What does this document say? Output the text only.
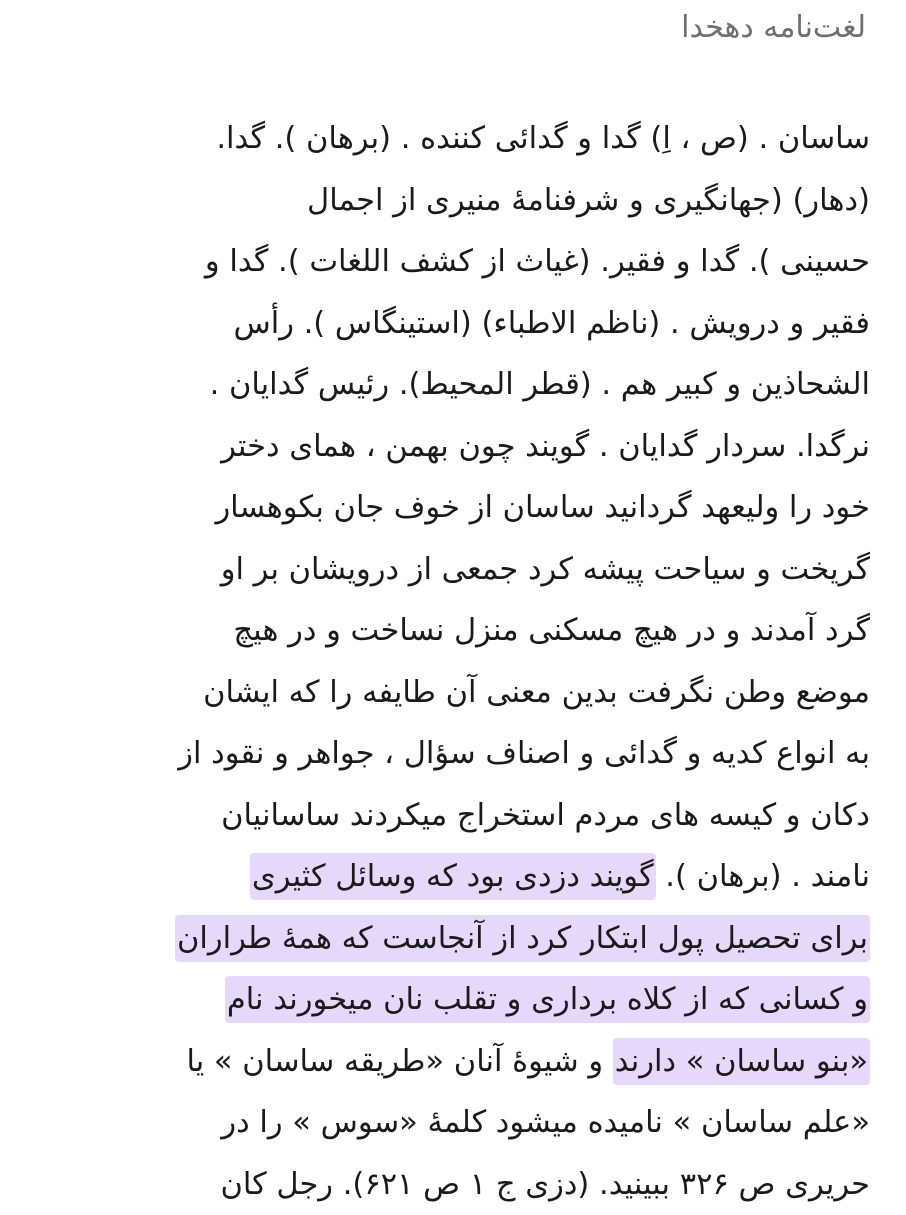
لغت‌نامه دهخدا
ساسان . (ص ، اِ) گدا و گدائی کننده . (برهان ). گدا.
(دهار) (جهانگیری و شرفنامهٔ منیری از اجمال
حسینی ). گدا و فقیر. (غیاث از کشف اللغات ). گدا و
فقیر و درویش . (ناظم الاطباء) (استینگاس ). رأس
الشحاذین و کبیر هم . (قطر المحیط). رئیس گدایان .
نرگدا. سردار گدایان . گویند چون بهمن ، همای دختر
خود را ولیعهد گردانید ساسان از خوف جان بکوهسار
گریخت و سیاحت پیشه کرد جمعی از درویشان بر او
گرد آمدند و در هیچ مسکنی منزل نساخت و در هیچ
موضع وطن نگرفت بدین معنی آن طایفه را که ایشان
به انواع کدیه و گدائی و اصناف سؤال ، جواهر و نقود از
دکان و کیسه های مردم استخراج میکردند ساسانیان
نامند . (برهان ). گویند دزدی بود که وسائل کثیری
برای تحصیل پول ابتکار کرد از آنجاست که همهٔ طراران
و کسانی که از کلاه برداری و تقلب نان میخورند نام
«بنو ساسان » دارند و شیوهٔ آنان «طریقه ساسان » یا
«علم ساسان » نامیده میشود کلمهٔ «سوس » را در
حریری ص ۳۲۶ ببینید. (دزی ج ۱ ص ۶۲۱). رجل کان
